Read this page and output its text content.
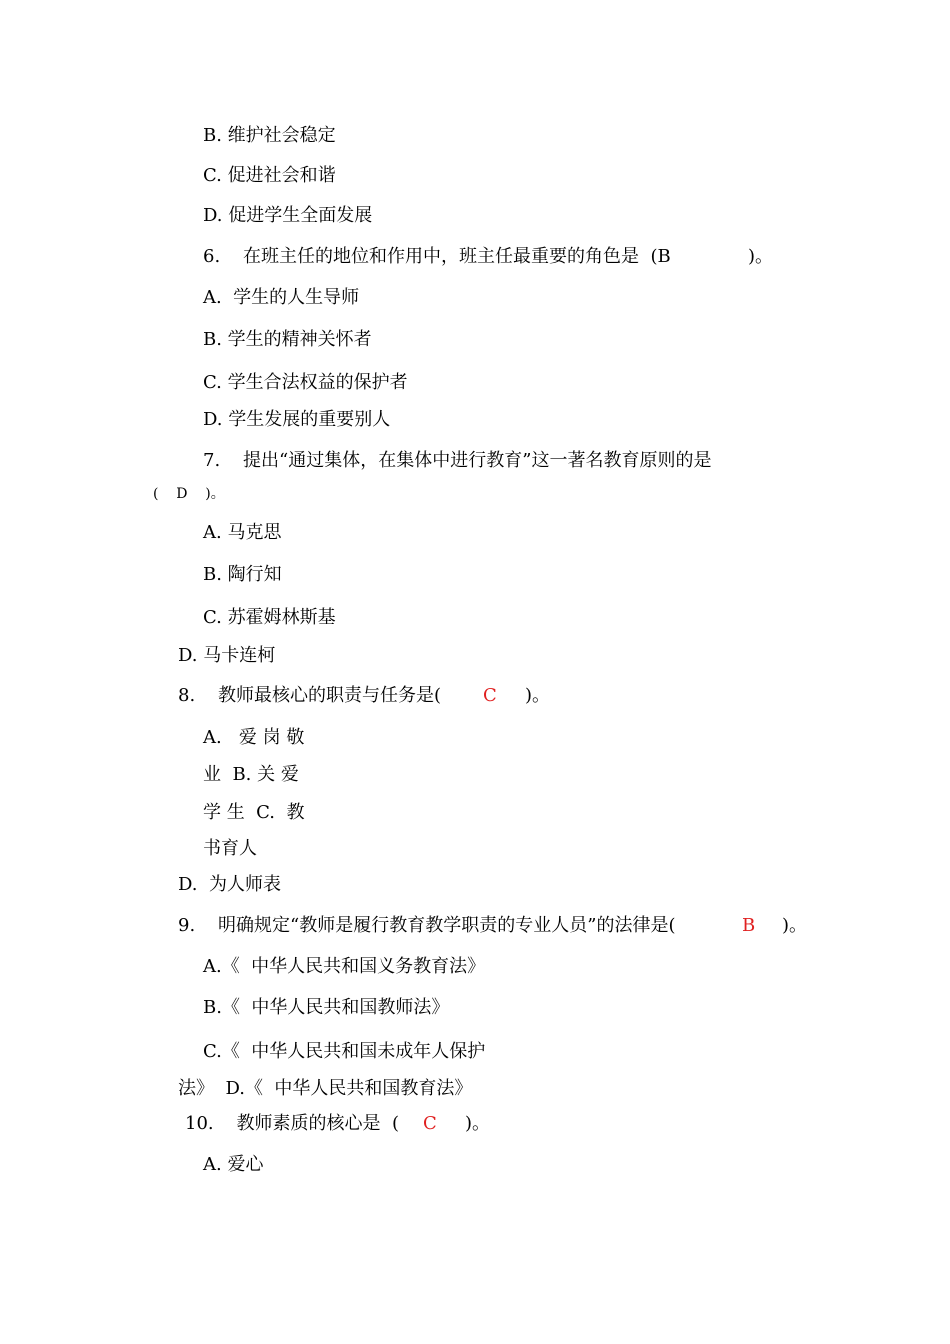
B. 维护社会稳定
C. 促进社会和谐
D. 促进学生全面发展
6.    在班主任的地位和作用中，班主任最重要的角色是  (B	)。
A.  学生的人生导师
B. 学生的精神关怀者
C. 学生合法权益的保护者
D. 学生发展的重要别人
7.    提出“通过集体，在集体中进行教育”这一著名教育原则的是
(    D    )。
A. 马克思
B. 陶行知
C. 苏霍姆林斯基
D. 马卡连柯
8.    教师最核心的职责与任务是( C )。
A.   爱 岗 敬
业  B. 关 爱
学 生  C.  教
书育人
D.  为人师表
9.    明确规定“教师是履行教育教学职责的专业人员”的法律是(	B )。
A.《  中华人民共和国义务教育法》
B.《  中华人民共和国教师法》
C.《  中华人民共和国未成年人保护
法》  D.《  中华人民共和国教育法》
10.    教师素质的核心是  ( C )。
A. 爱心
